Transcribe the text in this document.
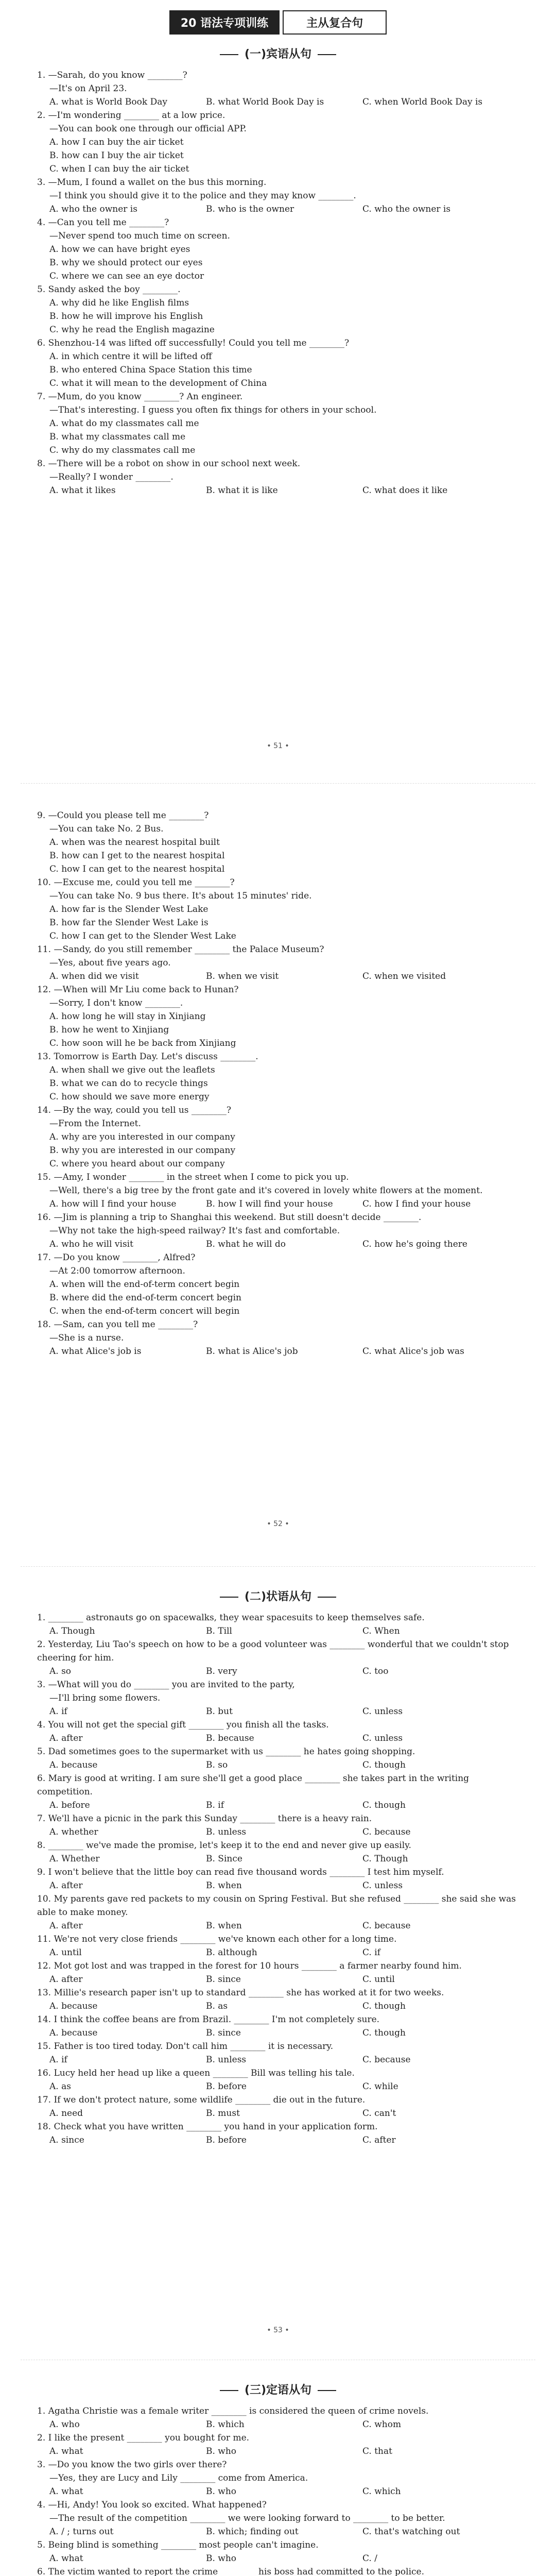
20 语法专项训练	主从复合句
(一)宾语从句
1. —Sarah, do you know ________?
—It's on April 23.
A. what is World Book Day	B. what World Book Day is	C. when World Book Day is
2. —I'm wondering ________ at a low price.
—You can book one through our official APP.
A. how I can buy the air ticket
B. how can I buy the air ticket
C. when I can buy the air ticket
3. —Mum, I found a wallet on the bus this morning.
—I think you should give it to the police and they may know ________.
A. who the owner is	B. who is the owner	C. who the owner is
4. —Can you tell me ________?
—Never spend too much time on screen.
A. how we can have bright eyes
B. why we should protect our eyes
C. where we can see an eye doctor
5. Sandy asked the boy ________.
A. why did he like English films
B. how he will improve his English
C. why he read the English magazine
6. Shenzhou-14 was lifted off successfully! Could you tell me ________?
A. in which centre it will be lifted off
B. who entered China Space Station this time
C. what it will mean to the development of China
7. —Mum, do you know ________? An engineer.
—That's interesting. I guess you often fix things for others in your school.
A. what do my classmates call me
B. what my classmates call me
C. why do my classmates call me
8. —There will be a robot on show in our school next week.
—Really? I wonder ________.
A. what it likes	B. what it is like	C. what does it like
• 51 •
9. —Could you please tell me ________?
—You can take No. 2 Bus.
A. when was the nearest hospital built
B. how can I get to the nearest hospital
C. how I can get to the nearest hospital
10. —Excuse me, could you tell me ________?
—You can take No. 9 bus there. It's about 15 minutes' ride.
A. how far is the Slender West Lake
B. how far the Slender West Lake is
C. how I can get to the Slender West Lake
11. —Sandy, do you still remember ________ the Palace Museum?
—Yes, about five years ago.
A. when did we visit	B. when we visit	C. when we visited
12. —When will Mr Liu come back to Hunan?
—Sorry, I don't know ________.
A. how long he will stay in Xinjiang
B. how he went to Xinjiang
C. how soon will he be back from Xinjiang
13. Tomorrow is Earth Day. Let's discuss ________.
A. when shall we give out the leaflets
B. what we can do to recycle things
C. how should we save more energy
14. —By the way, could you tell us ________?
—From the Internet.
A. why are you interested in our company
B. why you are interested in our company
C. where you heard about our company
15. —Amy, I wonder ________ in the street when I come to pick you up.
—Well, there's a big tree by the front gate and it's covered in lovely white flowers at the moment.
A. how will I find your house	B. how I will find your house	C. how I find your house
16. —Jim is planning a trip to Shanghai this weekend. But still doesn't decide ________.
—Why not take the high-speed railway? It's fast and comfortable.
A. who he will visit	B. what he will do	C. how he's going there
17. —Do you know ________, Alfred?
—At 2:00 tomorrow afternoon.
A. when will the end-of-term concert begin
B. where did the end-of-term concert begin
C. when the end-of-term concert will begin
18. —Sam, can you tell me ________?
—She is a nurse.
A. what Alice's job is	B. what is Alice's job	C. what Alice's job was
• 52 •
(二)状语从句
1. ________ astronauts go on spacewalks, they wear spacesuits to keep themselves safe.
A. Though	B. Till	C. When
2. Yesterday, Liu Tao's speech on how to be a good volunteer was ________ wonderful that we couldn't stop cheering for him.
A. so	B. very	C. too
3. —What will you do ________ you are invited to the party,
—I'll bring some flowers.
A. if	B. but	C. unless
4. You will not get the special gift ________ you finish all the tasks.
A. after	B. because	C. unless
5. Dad sometimes goes to the supermarket with us ________ he hates going shopping.
A. because	B. so	C. though
6. Mary is good at writing. I am sure she'll get a good place ________ she takes part in the writing competition.
A. before	B. if	C. though
7. We'll have a picnic in the park this Sunday ________ there is a heavy rain.
A. whether	B. unless	C. because
8. ________ we've made the promise, let's keep it to the end and never give up easily.
A. Whether	B. Since	C. Though
9. I won't believe that the little boy can read five thousand words ________ I test him myself.
A. after	B. when	C. unless
10. My parents gave red packets to my cousin on Spring Festival. But she refused ________ she said she was able to make money.
A. after	B. when	C. because
11. We're not very close friends ________ we've known each other for a long time.
A. until	B. although	C. if
12. Mot got lost and was trapped in the forest for 10 hours ________ a farmer nearby found him.
A. after	B. since	C. until
13. Millie's research paper isn't up to standard ________ she has worked at it for two weeks.
A. because	B. as	C. though
14. I think the coffee beans are from Brazil. ________ I'm not completely sure.
A. because	B. since	C. though
15. Father is too tired today. Don't call him ________ it is necessary.
A. if	B. unless	C. because
16. Lucy held her head up like a queen ________ Bill was telling his tale.
A. as	B. before	C. while
17. If we don't protect nature, some wildlife ________ die out in the future.
A. need	B. must	C. can't
18. Check what you have written ________ you hand in your application form.
A. since	B. before	C. after
• 53 •
(三)定语从句
1. Agatha Christie was a female writer ________ is considered the queen of crime novels.
A. who	B. which	C. whom
2. I like the present ________ you bought for me.
A. what	B. who	C. that
3. —Do you know the two girls over there?
—Yes, they are Lucy and Lily ________ come from America.
A. what	B. who	C. which
4. —Hi, Andy! You look so excited. What happened?
—The result of the competition ________ we were looking forward to ________ to be better.
A. / ; turns out	B. which; finding out	C. that's watching out
5. Being blind is something ________ most people can't imagine.
A. what	B. who	C. /
6. The victim wanted to report the crime ________ his boss had committed to the police.
